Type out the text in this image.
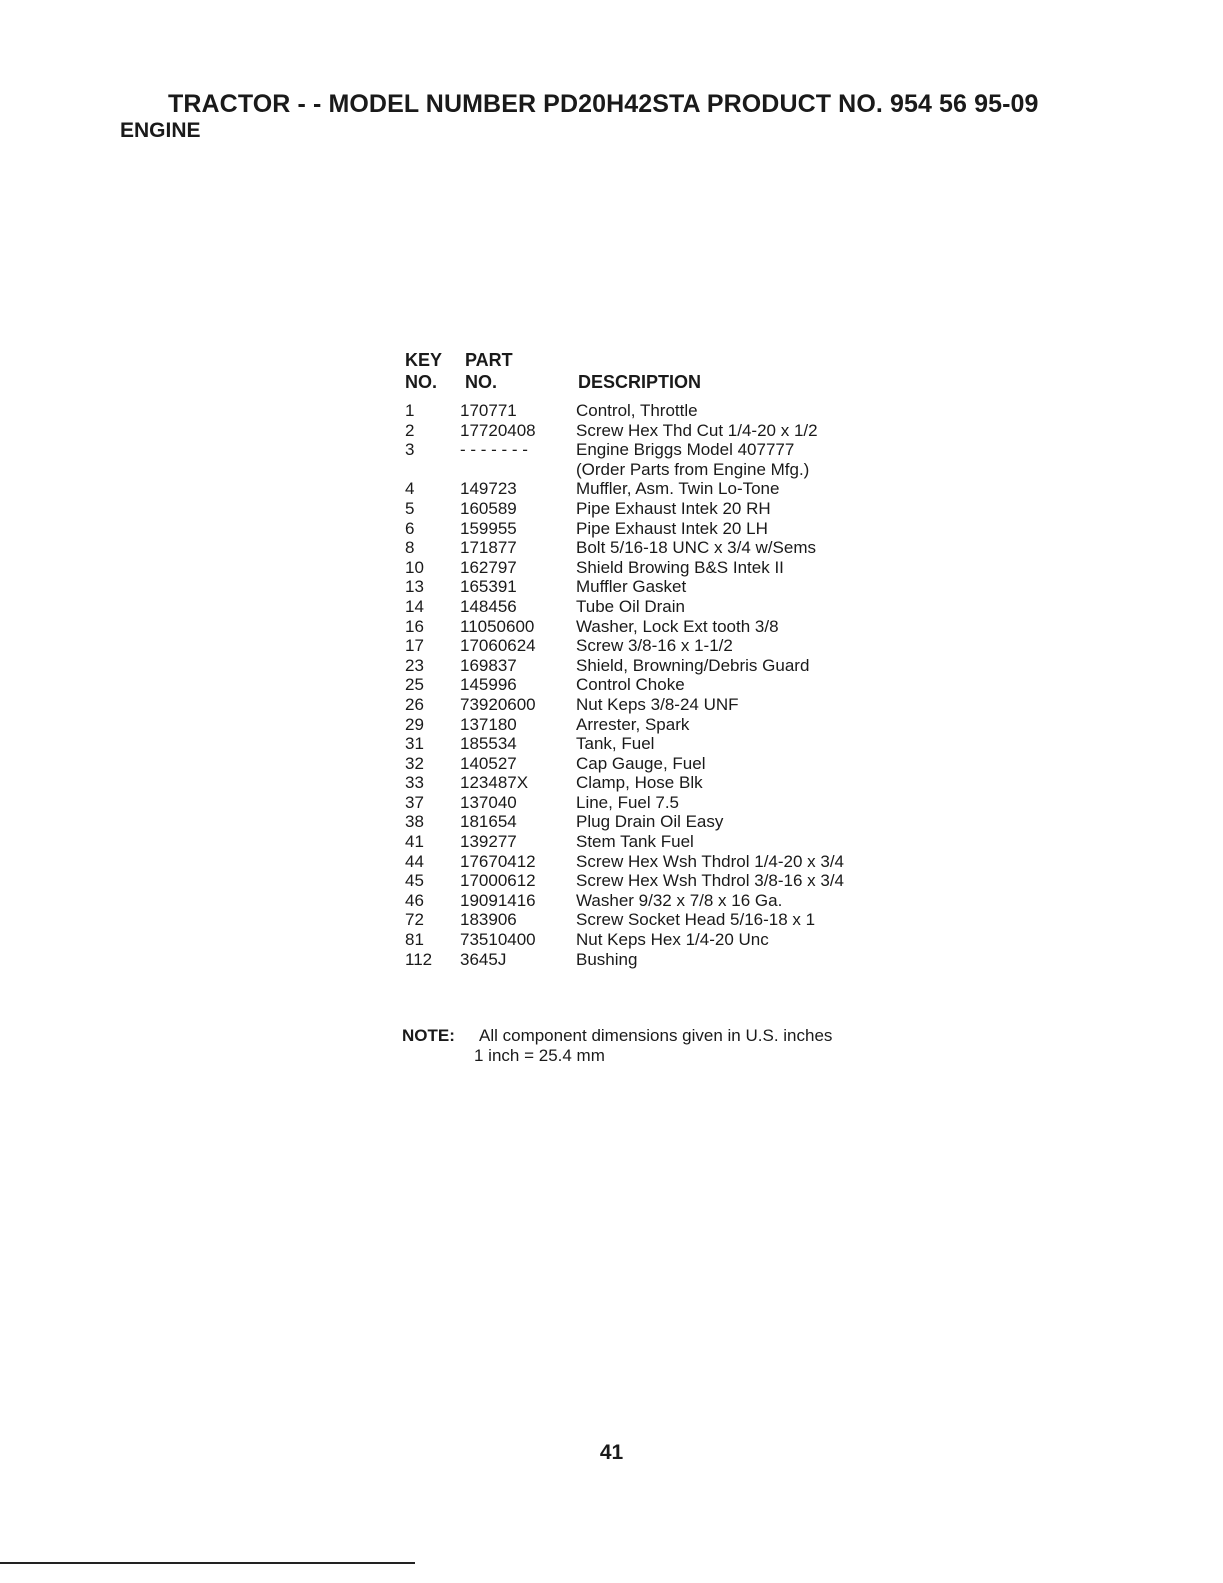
TRACTOR - - MODEL NUMBER PD20H42STA PRODUCT NO. 954 56 95-09
ENGINE
KEY
NO.
PART
NO.	DESCRIPTION
1	170771	Control, Throttle
2	17720408 Screw Hex Thd Cut 1/4-20 x 1/2
3	- - - - - - -	Engine Briggs Model 407777
(Order Parts from Engine Mfg.)
4	149723	Muffler, Asm. Twin Lo-Tone
5	160589	Pipe Exhaust Intek 20 RH
6	159955	Pipe Exhaust Intek 20 LH
8	171877	Bolt 5/16-18 UNC x 3/4 w/Sems
10 162797	Shield Browing B&S Intek II
13 165391	Muffler Gasket
14 148456	Tube Oil Drain
16 11050600 Washer, Lock Ext tooth 3/8
17 17060624 Screw 3/8-16 x 1-1/2
23 169837	Shield, Browning/Debris Guard
25 145996	Control Choke
26 73920600 Nut Keps 3/8-24 UNF
29 137180	Arrester, Spark
31 185534	Tank, Fuel
32 140527	Cap Gauge, Fuel
33 123487X	Clamp, Hose Blk
37 137040	Line, Fuel 7.5
38 181654	Plug Drain Oil Easy
41 139277	Stem Tank Fuel
44 17670412 Screw Hex Wsh Thdrol 1/4-20 x 3/4
45 17000612 Screw Hex Wsh Thdrol 3/8-16 x 3/4
46 19091416 Washer 9/32 x 7/8 x 16 Ga.
72 183906	Screw Socket Head 5/16-18 x 1
81 73510400 Nut Keps Hex 1/4-20 Unc
112 3645J	Bushing
NOTE: All component dimensions given in U.S. inches
1 inch = 25.4 mm
41
